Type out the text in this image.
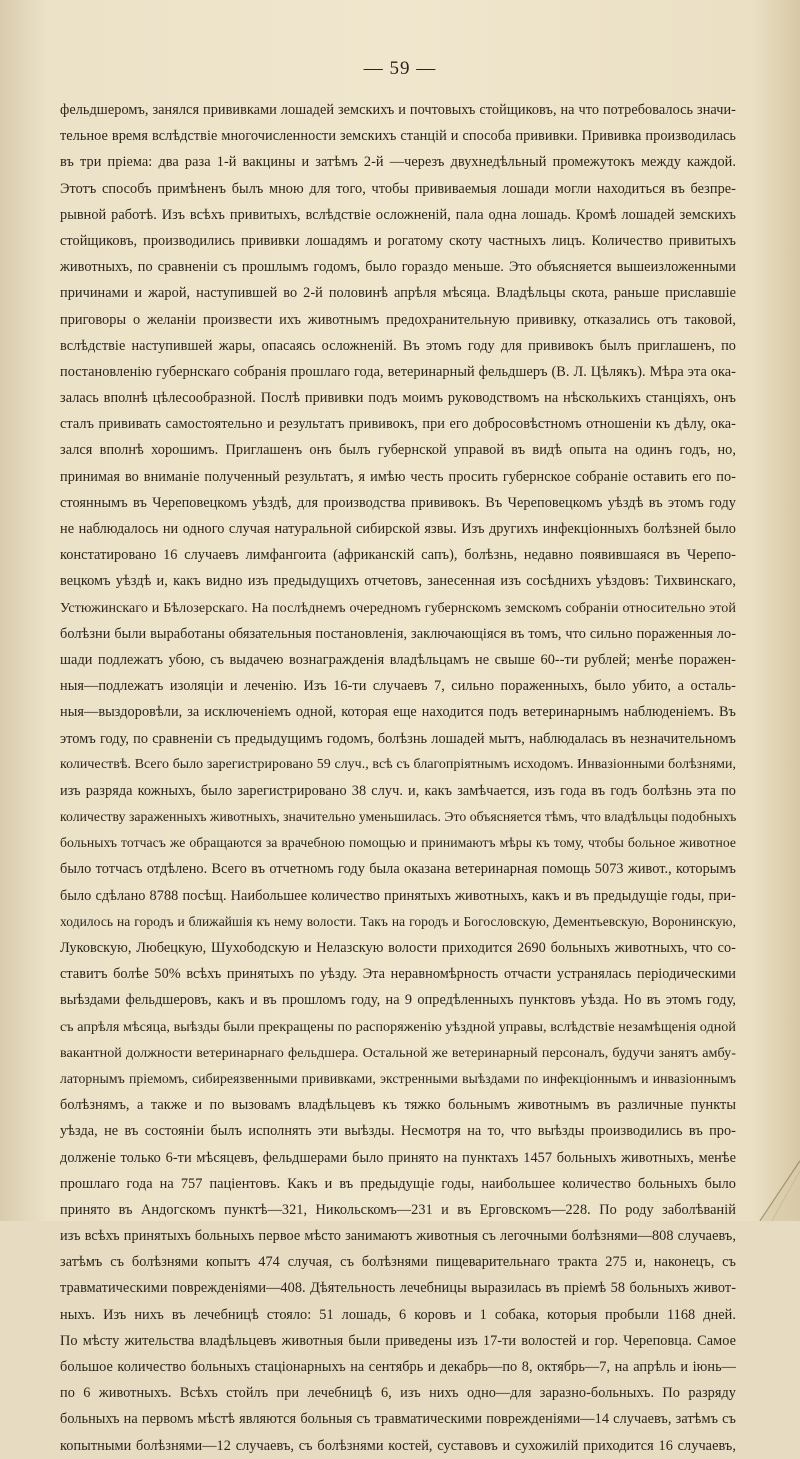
— 59 —
фельдшеромъ, занялся прививками лошадей земскихъ и почтовыхъ стойщиковъ, на что потребовалось значи-
тельное время вслѣдствіе многочисленности земскихъ станцій и способа прививки. Прививка производилась
въ три пріема: два раза 1-й вакцины и затѣмъ 2-й —черезъ двухнедѣльный промежутокъ между каждой.
Этотъ способъ примѣненъ былъ мною для того, чтобы прививаемыя лошади могли находиться въ безпре-
рывной работѣ. Изъ всѣхъ привитыхъ, вслѣдствіе осложненій, пала одна лошадь. Кромѣ лошадей земскихъ
стойщиковъ, производились прививки лошадямъ и рогатому скоту частныхъ лицъ. Количество привитыхъ
животныхъ, по сравненіи съ прошлымъ годомъ, было гораздо меньше. Это объясняется вышеизложенными
причинами и жарой, наступившей во 2-й половинѣ апрѣля мѣсяца. Владѣльцы скота, раньше приславшіе
приговоры о желаніи произвести ихъ животнымъ предохранительную прививку, отказались отъ таковой,
вслѣдствіе наступившей жары, опасаясь осложненій. Въ этомъ году для прививокъ былъ приглашенъ, по
постановленію губернскаго собранія прошлаго года, ветеринарный фельдшеръ (В. Л. Цѣлякъ). Мѣра эта ока-
залась вполнѣ цѣлесообразной. Послѣ прививки подъ моимъ руководствомъ на нѣсколькихъ станціяхъ, онъ
сталъ прививать самостоятельно и результатъ прививокъ, при его добросовѣстномъ отношеніи къ дѣлу, ока-
зался вполнѣ хорошимъ. Приглашенъ онъ былъ губернской управой въ видѣ опыта на одинъ годъ, но,
принимая во вниманіе полученный результатъ, я имѣю честь просить губернское собраніе оставить его по-
стояннымъ въ Череповецкомъ уѣздѣ, для производства прививокъ. Въ Череповецкомъ уѣздѣ въ этомъ году
не наблюдалось ни одного случая натуральной сибирской язвы. Изъ другихъ инфекціонныхъ болѣзней было
констатировано 16 случаевъ лимфангоита (африканскій сапъ), болѣзнь, недавно появившаяся въ Черепо-
вецкомъ уѣздѣ и, какъ видно изъ предыдущихъ отчетовъ, занесенная изъ сосѣднихъ уѣздовъ: Тихвинскаго,
Устюжинскаго и Бѣлозерскаго. На послѣднемъ очередномъ губернскомъ земскомъ собраніи относительно этой
болѣзни были выработаны обязательныя постановленія, заключающіяся въ томъ, что сильно пораженныя ло-
шади подлежатъ убою, съ выдачею вознагражденія владѣльцамъ не свыше 60--ти рублей; менѣе поражен-
ныя—подлежатъ изоляціи и леченію. Изъ 16-ти случаевъ 7, сильно пораженныхъ, было убито, а осталь-
ныя—выздоровѣли, за исключеніемъ одной, которая еще находится подъ ветеринарнымъ наблюденіемъ. Въ
этомъ году, по сравненіи съ предыдущимъ годомъ, болѣзнь лошадей мытъ, наблюдалась въ незначительномъ
количествѣ. Всего было зарегистрировано 59 случ., всѣ съ благопріятнымъ исходомъ. Инвазіонными болѣзнями,
изъ разряда кожныхъ, было зарегистрировано 38 случ. и, какъ замѣчается, изъ года въ годъ болѣзнь эта по
количеству зараженныхъ животныхъ, значительно уменьшилась. Это объясняется тѣмъ, что владѣльцы подобныхъ
больныхъ тотчасъ же обращаются за врачебною помощью и принимаютъ мѣры къ тому, чтобы больное животное
было тотчасъ отдѣлено. Всего въ отчетномъ году была оказана ветеринарная помощь 5073 живот., которымъ
было сдѣлано 8788 посѣщ. Наибольшее количество принятыхъ животныхъ, какъ и въ предыдущіе годы, при-
ходилось на городъ и ближайшія къ нему волости. Такъ на городъ и Богословскую, Дементьевскую, Воронинскую,
Луковскую, Любецкую, Шухободскую и Нелазскую волости приходится 2690 больныхъ животныхъ, что со-
ставитъ болѣе 50% всѣхъ принятыхъ по уѣзду. Эта неравномѣрность отчасти устранялась періодическими
выѣздами фельдшеровъ, какъ и въ прошломъ году, на 9 опредѣленныхъ пунктовъ уѣзда. Но въ этомъ году,
съ апрѣля мѣсяца, выѣзды были прекращены по распоряженію уѣздной управы, вслѣдствіе незамѣщенія одной
вакантной должности ветеринарнаго фельдшера. Остальной же ветеринарный персоналъ, будучи занятъ амбу-
латорнымъ пріемомъ, сибиреязвенными прививками, экстренными выѣздами по инфекціоннымъ и инвазіоннымъ
болѣзнямъ, а также и по вызовамъ владѣльцевъ къ тяжко больнымъ животнымъ въ различные пункты
уѣзда, не въ состояніи былъ исполнять эти выѣзды. Несмотря на то, что выѣзды производились въ про-
долженіе только 6-ти мѣсяцевъ, фельдшерами было принято на пунктахъ 1457 больныхъ животныхъ, менѣе
прошлаго года на 757 паціентовъ. Какъ и въ предыдущіе годы, наибольшее количество больныхъ было
принято въ Андогскомъ пунктѣ—321, Никольскомъ—231 и въ Ерговскомъ—228. По роду заболѣваній
изъ всѣхъ принятыхъ больныхъ первое мѣсто занимаютъ животныя съ легочными болѣзнями—808 случаевъ,
затѣмъ съ болѣзнями копытъ 474 случая, съ болѣзнями пищеварительнаго тракта 275 и, наконецъ, съ
травматическими поврежденіями—408. Дѣятельность лечебницы выразилась въ пріемѣ 58 больныхъ живот-
ныхъ. Изъ нихъ въ лечебницѣ стояло: 51 лошадь, 6 коровъ и 1 собака, которыя пробыли 1168 дней.
По мѣсту жительства владѣльцевъ животныя были приведены изъ 17-ти волостей и гор. Череповца. Самое
большое количество больныхъ стаціонарныхъ на сентябрь и декабрь—по 8, октябрь—7, на апрѣль и іюнь—
по 6 животныхъ. Всѣхъ стойлъ при лечебницѣ 6, изъ нихъ одно—для заразно-больныхъ. По разряду
больныхъ на первомъ мѣстѣ являются больныя съ травматическими поврежденіями—14 случаевъ, затѣмъ съ
копытными болѣзнями—12 случаевъ, съ болѣзнями костей, суставовъ и сухожилій приходится 16 случаевъ,
